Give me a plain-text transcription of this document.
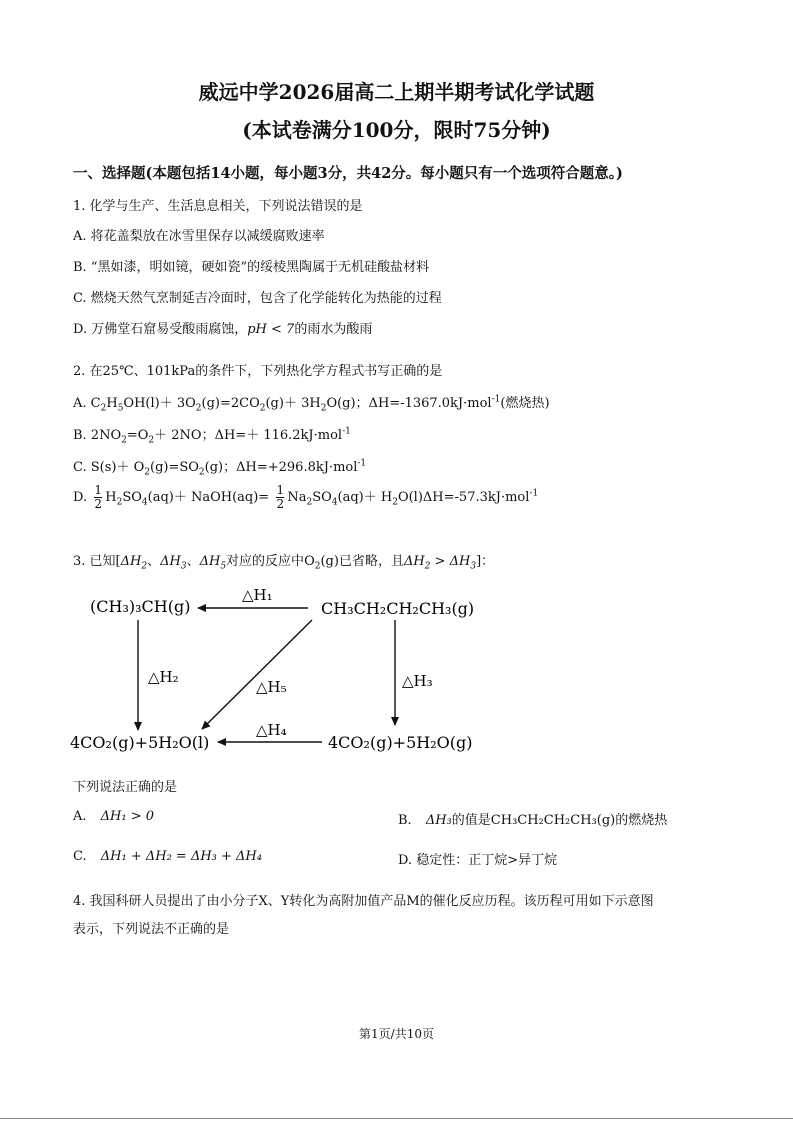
威远中学2026届高二上期半期考试化学试题
(本试卷满分100分，限时75分钟)
一、选择题(本题包括14小题，每小题3分，共42分。每小题只有一个选项符合题意。)
1. 化学与生产、生活息息相关，下列说法错误的是
A. 将花盖梨放在冰雪里保存以减缓腐败速率
B. “黑如漆，明如镜，硬如瓷”的绥棱黑陶属于无机硅酸盐材料
C. 燃烧天然气烹制延吉冷面时，包含了化学能转化为热能的过程
D. 万佛堂石窟易受酸雨腐蚀，pH < 7的雨水为酸雨
2. 在25℃、101kPa的条件下，下列热化学方程式书写正确的是
A. $C_2H_5OH(l)+ 3O_2(g)=2CO_2(g)+ 3H_2O(g)$；ΔH=-1367.0kJ·mol$^{-1}$(燃烧热)
B. $2NO_2=O_2+ 2NO$；ΔH=＋ 116.2kJ·mol$^{-1}$
C. $S(s)+ O_2(g)=SO_2(g)$；ΔH=+296.8kJ·mol$^{-1}$
D. $\frac{1}{2} H_2SO_4(aq)+$ NaOH(aq)= $\frac{1}{2} Na_2SO_4(aq)+ H_2O(l)\Delta H=-57.3kJ\cdot mol^{-1}$
3. 已知[$\Delta H_2$、$\Delta H_3$、$\Delta H_5$对应的反应中$O_2(g)$已省略，且$\Delta H_2 > \Delta H_3$]：
(CH₃)₃CH(g)	CH₃CH₂CH₂CH₃(g)
4CO₂(g)+5H₂O(l)	4CO₂(g)+5H₂O(g)
△H₁
△H₂
△H₅	△H₃
△H₄
下列说法正确的是
A. ΔH₁ > 0	B. ΔH₃的值是CH₃CH₂CH₂CH₃(g)的燃烧热
C. ΔH₁ + ΔH₂ = ΔH₃ + ΔH₄	D. 稳定性：正丁烷>异丁烷
4. 我国科研人员提出了由小分子X、Y转化为高附加值产品M的催化反应历程。该历程可用如下示意图
表示，下列说法不正确的是
第1页/共10页
